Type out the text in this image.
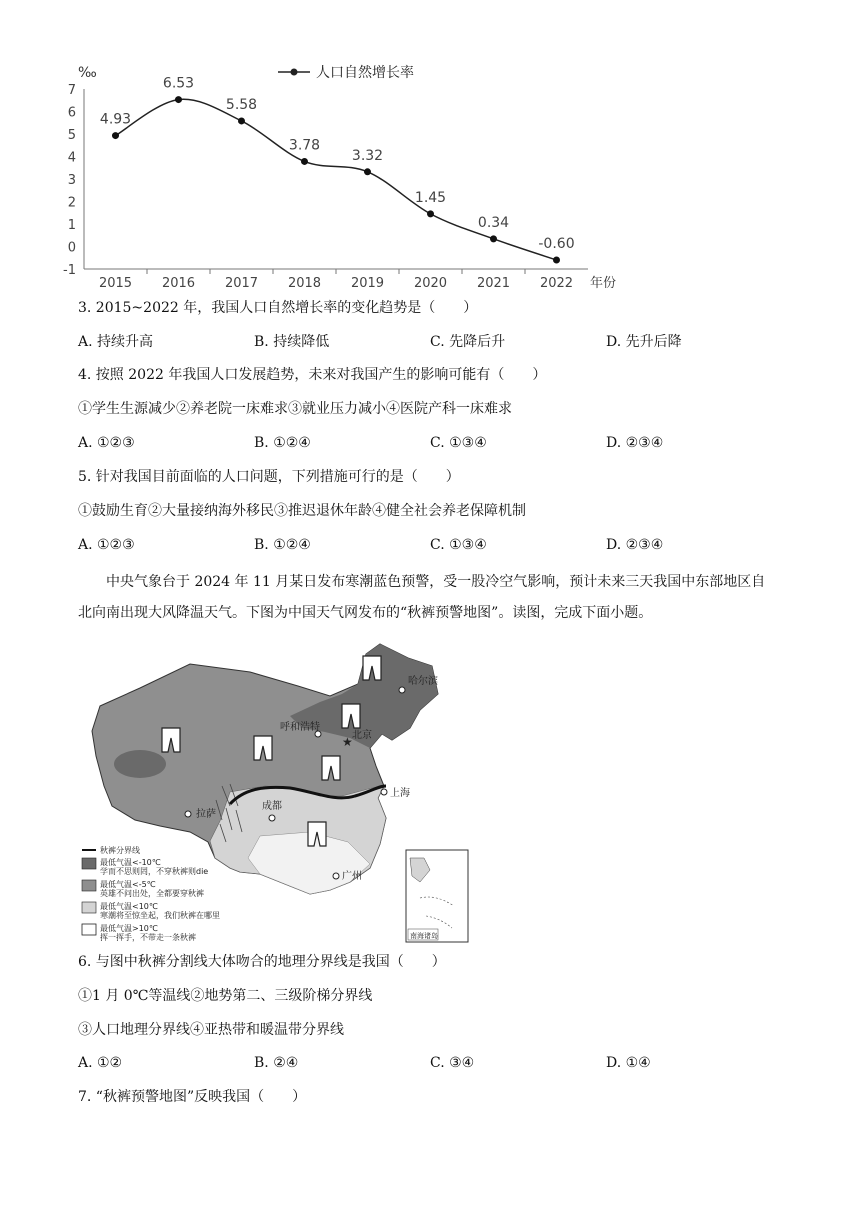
‰	人口自然增长率
7
6
5
4
3
2
1
0
-1
2015 2016 2017 2018 2019 2020 2021 2022 年份
4.93
6.53
5.58
3.78
3.32
1.45
0.34
-0.60
3. 2015~2022 年，我国人口自然增长率的变化趋势是（　　）
A. 持续升高	B. 持续降低	C. 先降后升	D. 先升后降
4. 按照 2022 年我国人口发展趋势，未来对我国产生的影响可能有（　　）
①学生生源减少②养老院一床难求③就业压力减小④医院产科一床难求
A. ①②③	B. ①②④	C. ①③④	D. ②③④
5. 针对我国目前面临的人口问题，下列措施可行的是（　　）
①鼓励生育②大量接纳海外移民③推迟退休年龄④健全社会养老保障机制
A. ①②③	B. ①②④	C. ①③④	D. ②③④
中央气象台于 2024 年 11 月某日发布寒潮蓝色预警，受一股冷空气影响，预计未来三天我国中东部地区自北向南出现大风降温天气。下图为中国天气网发布的“秋裤预警地图”。读图，完成下面小题。
哈尔滨
呼和浩特
★ 北京
拉萨
成都
上海
广州
秋裤分界线
最低气温<-10℃
学而不思则罔，不穿秋裤则die
最低气温<-5℃
英雄不问出处，全都要穿秋裤
最低气温<10℃
寒潮将至惊坐起，我们秋裤在哪里
最低气温>10℃
挥一挥手，不带走一条秋裤	南海诸岛
6. 与图中秋裤分割线大体吻合的地理分界线是我国（　　）
①1 月 0℃等温线②地势第二、三级阶梯分界线
③人口地理分界线④亚热带和暖温带分界线
A. ①②	B. ②④	C. ③④	D. ①④
7. “秋裤预警地图”反映我国（　　）
